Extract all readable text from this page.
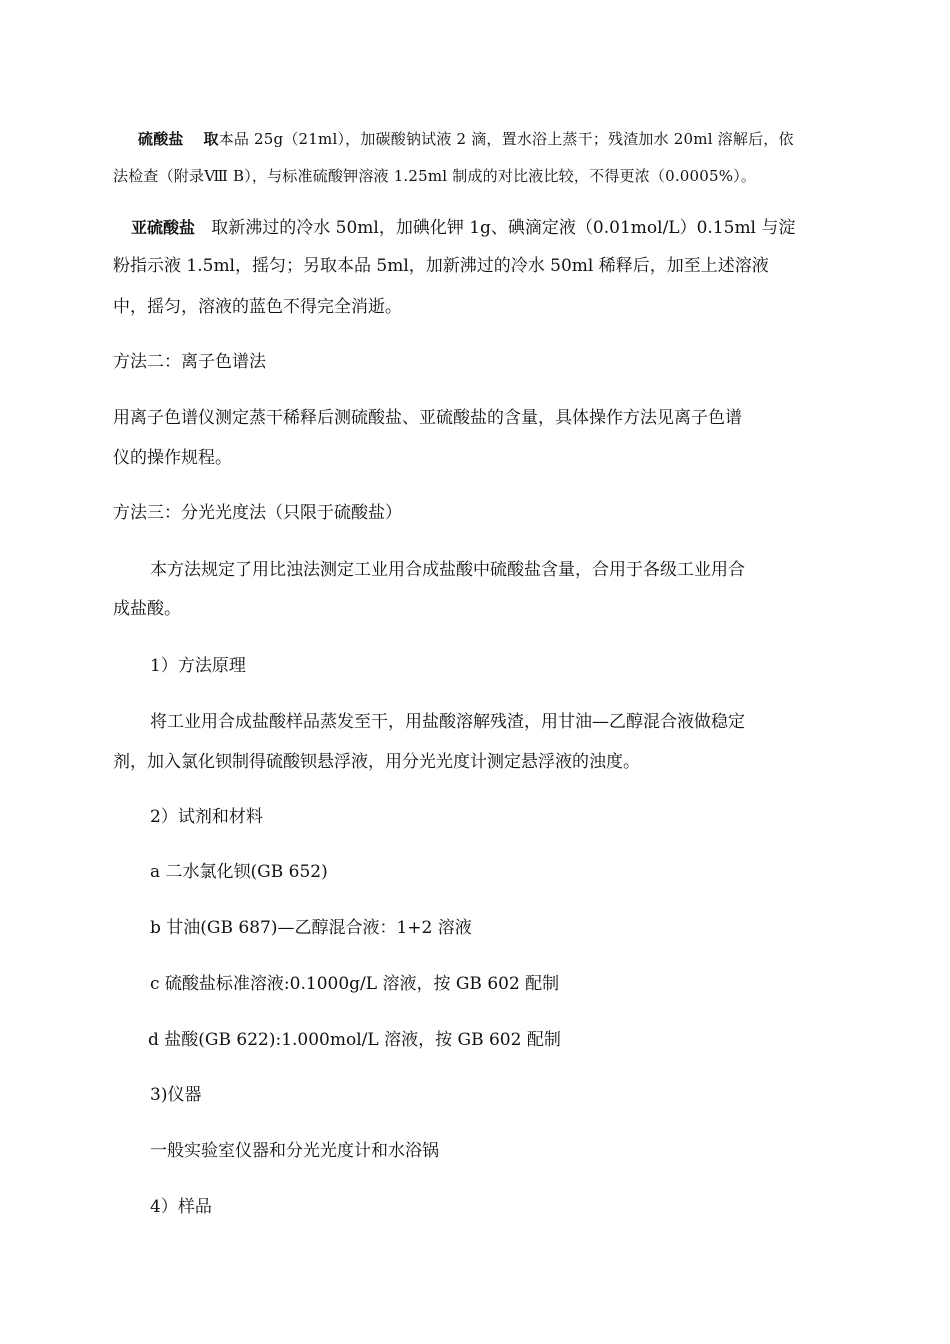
硫酸盐 取本品 25g（21ml），加碳酸钠试液 2 滴，置水浴上蒸干；残渣加水 20ml 溶解后，依
法检查（附录Ⅷ B），与标准硫酸钾溶液 1.25ml 制成的对比液比较，不得更浓（0.0005%）。
亚硫酸盐 取新沸过的冷水 50ml，加碘化钾 1g、碘滴定液（0.01mol/L）0.15ml 与淀
粉指示液 1.5ml，摇匀；另取本品 5ml，加新沸过的冷水 50ml 稀释后，加至上述溶液
中，摇匀，溶液的蓝色不得完全消逝。
方法二：离子色谱法
用离子色谱仪测定蒸干稀释后测硫酸盐、亚硫酸盐的含量，具体操作方法见离子色谱
仪的操作规程。
方法三：分光光度法（只限于硫酸盐）
本方法规定了用比浊法测定工业用合成盐酸中硫酸盐含量，合用于各级工业用合
成盐酸。
1）方法原理
将工业用合成盐酸样品蒸发至干，用盐酸溶解残渣，用甘油—乙醇混合液做稳定
剂，加入氯化钡制得硫酸钡悬浮液，用分光光度计测定悬浮液的浊度。
2）试剂和材料
a 二水氯化钡(GB 652)
b 甘油(GB 687)—乙醇混合液：1+2 溶液
c 硫酸盐标准溶液:0.1000g/L 溶液，按 GB 602 配制
d 盐酸(GB 622):1.000mol/L 溶液，按 GB 602 配制
3)仪器
一般实验室仪器和分光光度计和水浴锅
4）样品
